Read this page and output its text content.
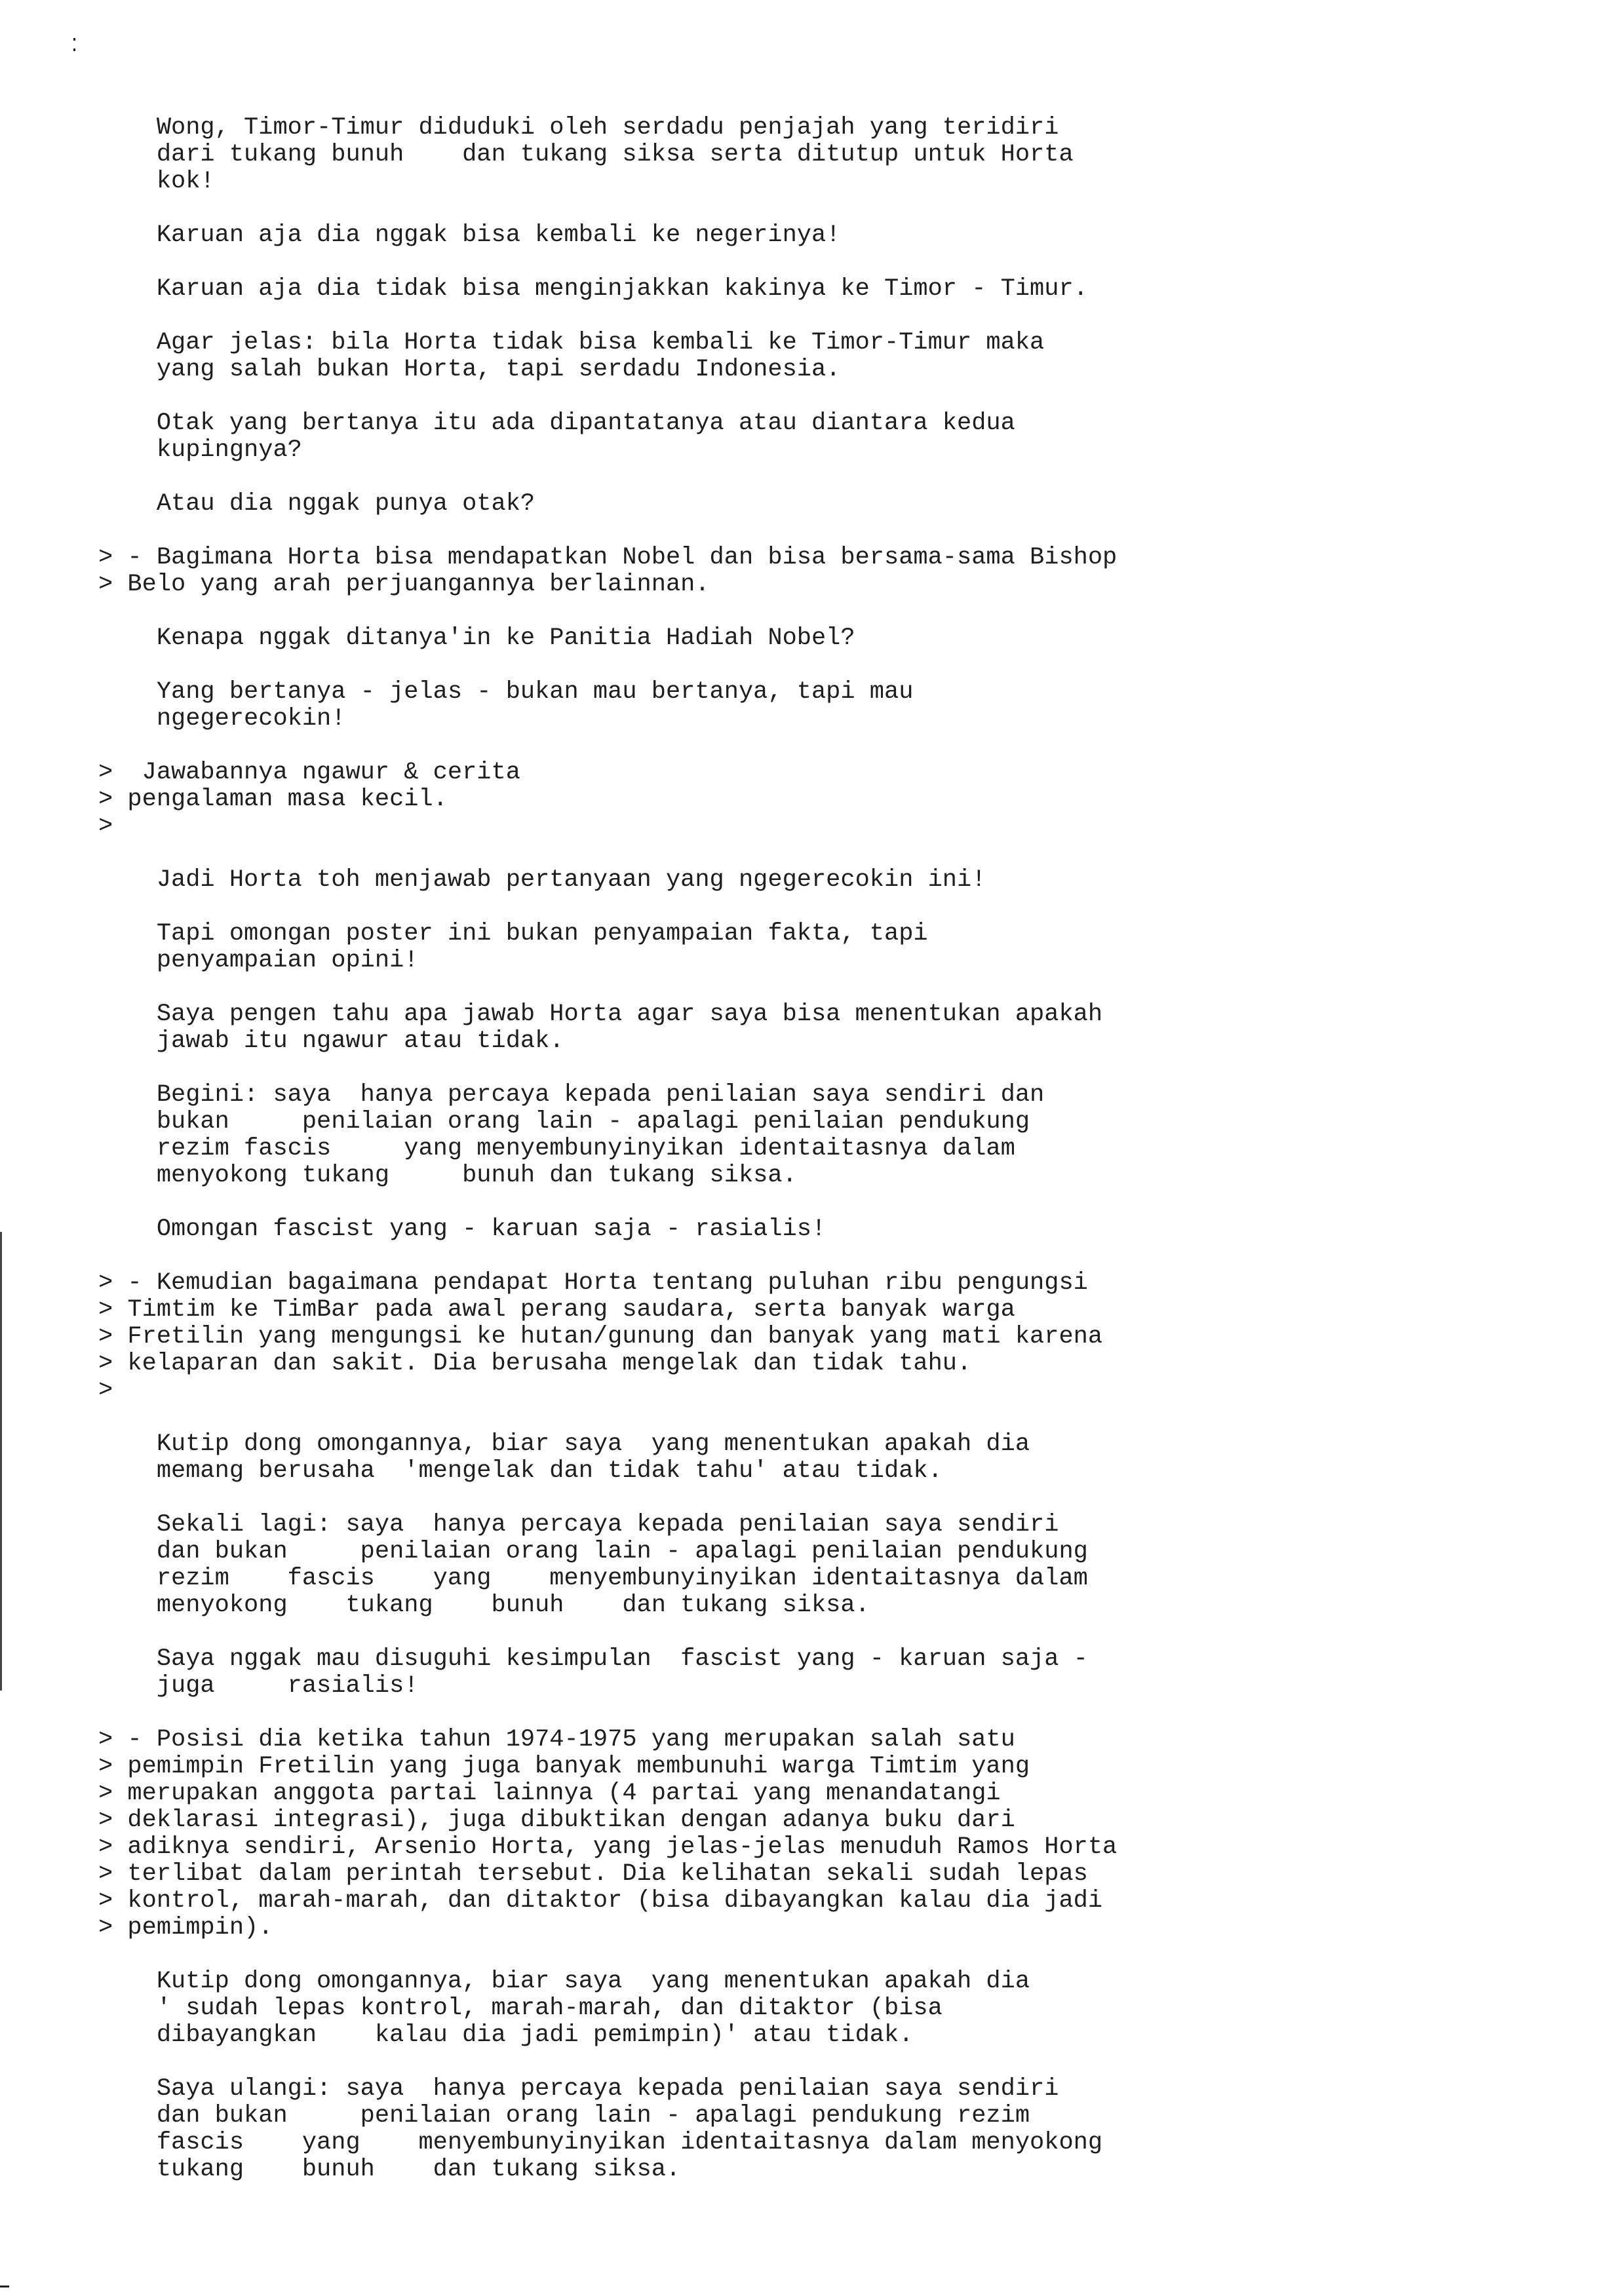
Wong, Timor-Timur diduduki oleh serdadu penjajah yang teridiri
dari tukang bunuh    dan tukang siksa serta ditutup untuk Horta
kok!
Karuan aja dia nggak bisa kembali ke negerinya!
Karuan aja dia tidak bisa menginjakkan kakinya ke Timor - Timur.
Agar jelas: bila Horta tidak bisa kembali ke Timor-Timur maka
yang salah bukan Horta, tapi serdadu Indonesia.
Otak yang bertanya itu ada dipantatanya atau diantara kedua
kupingnya?
Atau dia nggak punya otak?
> - Bagimana Horta bisa mendapatkan Nobel dan bisa bersama-sama Bishop
> Belo yang arah perjuangannya berlainnan.
Kenapa nggak ditanya'in ke Panitia Hadiah Nobel?
Yang bertanya - jelas - bukan mau bertanya, tapi mau
ngegerecokin!
>  Jawabannya ngawur & cerita
> pengalaman masa kecil.
>
Jadi Horta toh menjawab pertanyaan yang ngegerecokin ini!
Tapi omongan poster ini bukan penyampaian fakta, tapi
penyampaian opini!
Saya pengen tahu apa jawab Horta agar saya bisa menentukan apakah
jawab itu ngawur atau tidak.
Begini: saya  hanya percaya kepada penilaian saya sendiri dan
bukan     penilaian orang lain - apalagi penilaian pendukung
rezim fascis     yang menyembunyinyikan identaitasnya dalam
menyokong tukang     bunuh dan tukang siksa.
Omongan fascist yang - karuan saja - rasialis!
> - Kemudian bagaimana pendapat Horta tentang puluhan ribu pengungsi
> Timtim ke TimBar pada awal perang saudara, serta banyak warga
> Fretilin yang mengungsi ke hutan/gunung dan banyak yang mati karena
> kelaparan dan sakit. Dia berusaha mengelak dan tidak tahu.
>
Kutip dong omongannya, biar saya  yang menentukan apakah dia
memang berusaha  'mengelak dan tidak tahu' atau tidak.
Sekali lagi: saya  hanya percaya kepada penilaian saya sendiri
dan bukan     penilaian orang lain - apalagi penilaian pendukung
rezim    fascis    yang    menyembunyinyikan identaitasnya dalam
menyokong    tukang    bunuh    dan tukang siksa.
Saya nggak mau disuguhi kesimpulan  fascist yang - karuan saja -
juga     rasialis!
> - Posisi dia ketika tahun 1974-1975 yang merupakan salah satu
> pemimpin Fretilin yang juga banyak membunuhi warga Timtim yang
> merupakan anggota partai lainnya (4 partai yang menandatangi
> deklarasi integrasi), juga dibuktikan dengan adanya buku dari
> adiknya sendiri, Arsenio Horta, yang jelas-jelas menuduh Ramos Horta
> terlibat dalam perintah tersebut. Dia kelihatan sekali sudah lepas
> kontrol, marah-marah, dan ditaktor (bisa dibayangkan kalau dia jadi
> pemimpin).
Kutip dong omongannya, biar saya  yang menentukan apakah dia
' sudah lepas kontrol, marah-marah, dan ditaktor (bisa
dibayangkan    kalau dia jadi pemimpin)' atau tidak.
Saya ulangi: saya  hanya percaya kepada penilaian saya sendiri
dan bukan     penilaian orang lain - apalagi pendukung rezim
fascis    yang    menyembunyinyikan identaitasnya dalam menyokong
tukang    bunuh    dan tukang siksa.
